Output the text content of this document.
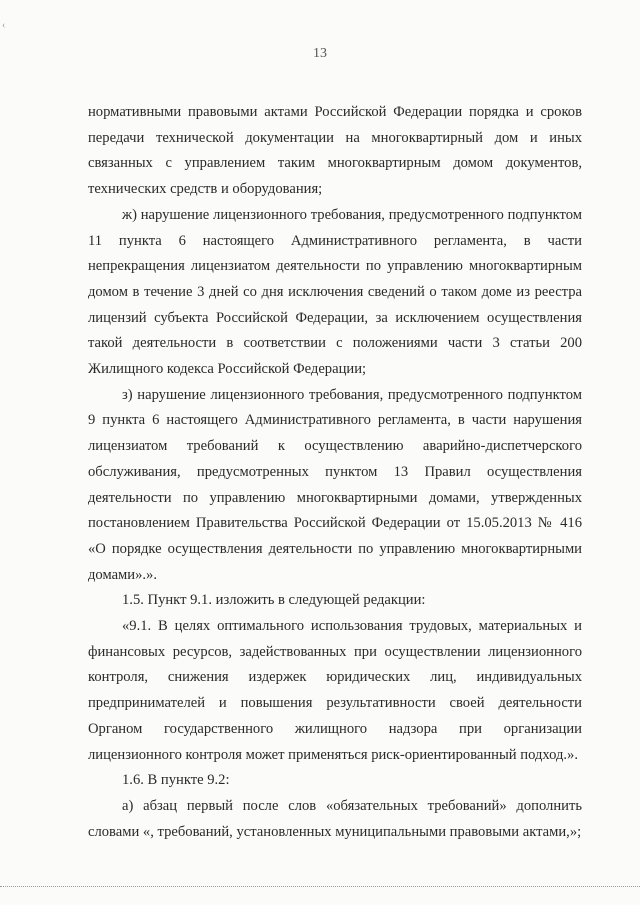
‹
13

нормативными правовыми актами Российской Федерации порядка и сроков передачи технической документации на многоквартирный дом и иных связанных с управлением таким многоквартирным домом документов, технических средств и оборудования;

ж) нарушение лицензионного требования, предусмотренного подпунктом 11 пункта 6 настоящего Административного регламента, в части непрекращения лицензиатом деятельности по управлению многоквартирным домом в течение 3 дней со дня исключения сведений о таком доме из реестра лицензий субъекта Российской Федерации, за исключением осуществления такой деятельности в соответствии с положениями части 3 статьи 200 Жилищного кодекса Российской Федерации;

з) нарушение лицензионного требования, предусмотренного подпунктом 9 пункта 6 настоящего Административного регламента, в части нарушения лицензиатом требований к осуществлению аварийно-диспетчерского обслуживания, предусмотренных пунктом 13 Правил осуществления деятельности по управлению многоквартирными домами, утвержденных постановлением Правительства Российской Федерации от 15.05.2013 № 416 «О порядке осуществления деятельности по управлению многоквартирными домами».».

1.5. Пункт 9.1. изложить в следующей редакции:

«9.1. В целях оптимального использования трудовых, материальных и финансовых ресурсов, задействованных при осуществлении лицензионного контроля, снижения издержек юридических лиц, индивидуальных предпринимателей и повышения результативности своей деятельности Органом государственного жилищного надзора при организации лицензионного контроля может применяться риск-ориентированный подход.».

1.6. В пункте 9.2:

а) абзац первый после слов «обязательных требований» дополнить словами «, требований, установленных муниципальными правовыми актами,»;
